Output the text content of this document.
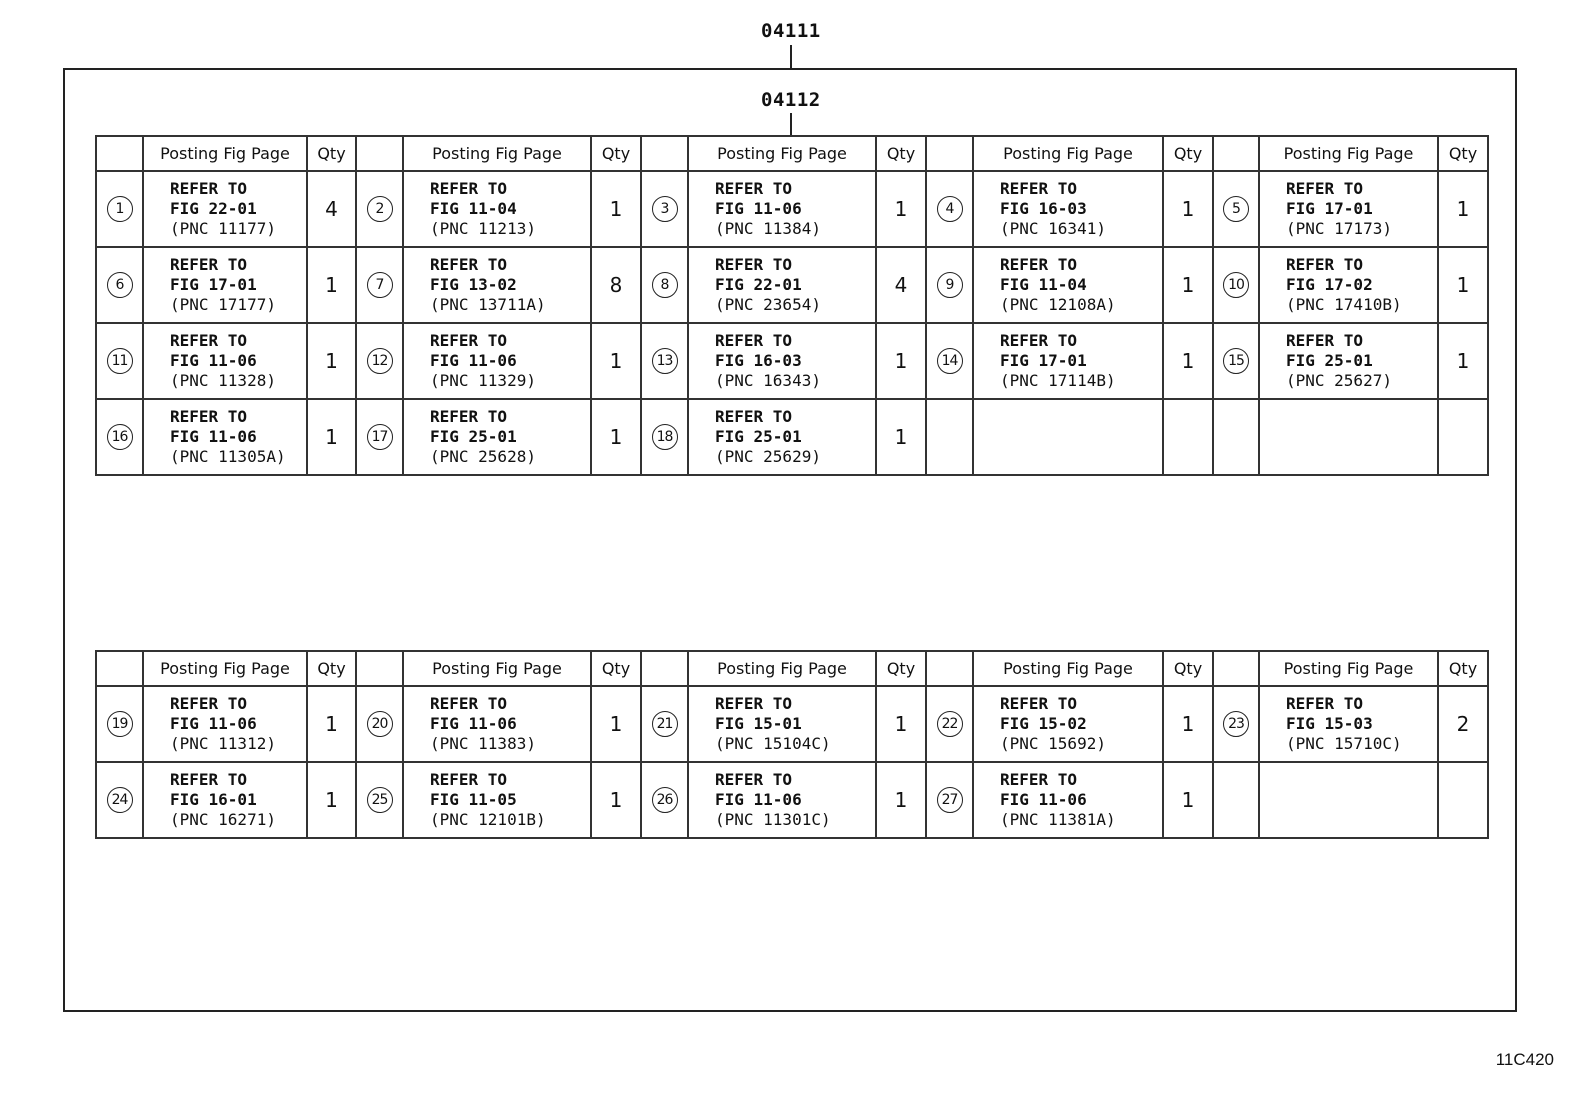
04111
04112
	Posting Fig Page	Qty		Posting Fig Page	Qty		Posting Fig Page	Qty		Posting Fig Page	Qty		Posting Fig Page	Qty
1	REFER TO
FIG 22-01
(PNC 11177)	4	2	REFER TO
FIG 11-04
(PNC 11213)	1	3	REFER TO
FIG 11-06
(PNC 11384)	1	4	REFER TO
FIG 16-03
(PNC 16341)	1	5	REFER TO
FIG 17-01
(PNC 17173)	1
6	REFER TO
FIG 17-01
(PNC 17177)	1	7	REFER TO
FIG 13-02
(PNC 13711A)	8	8	REFER TO
FIG 22-01
(PNC 23654)	4	9	REFER TO
FIG 11-04
(PNC 12108A)	1	10	REFER TO
FIG 17-02
(PNC 17410B)	1
11	REFER TO
FIG 11-06
(PNC 11328)	1	12	REFER TO
FIG 11-06
(PNC 11329)	1	13	REFER TO
FIG 16-03
(PNC 16343)	1	14	REFER TO
FIG 17-01
(PNC 17114B)	1	15	REFER TO
FIG 25-01
(PNC 25627)	1
16	REFER TO
FIG 11-06
(PNC 11305A)	1	17	REFER TO
FIG 25-01
(PNC 25628)	1	18	REFER TO
FIG 25-01
(PNC 25629)	1						
	Posting Fig Page	Qty		Posting Fig Page	Qty		Posting Fig Page	Qty		Posting Fig Page	Qty		Posting Fig Page	Qty
19	REFER TO
FIG 11-06
(PNC 11312)	1	20	REFER TO
FIG 11-06
(PNC 11383)	1	21	REFER TO
FIG 15-01
(PNC 15104C)	1	22	REFER TO
FIG 15-02
(PNC 15692)	1	23	REFER TO
FIG 15-03
(PNC 15710C)	2
24	REFER TO
FIG 16-01
(PNC 16271)	1	25	REFER TO
FIG 11-05
(PNC 12101B)	1	26	REFER TO
FIG 11-06
(PNC 11301C)	1	27	REFER TO
FIG 11-06
(PNC 11381A)	1			
11C420
